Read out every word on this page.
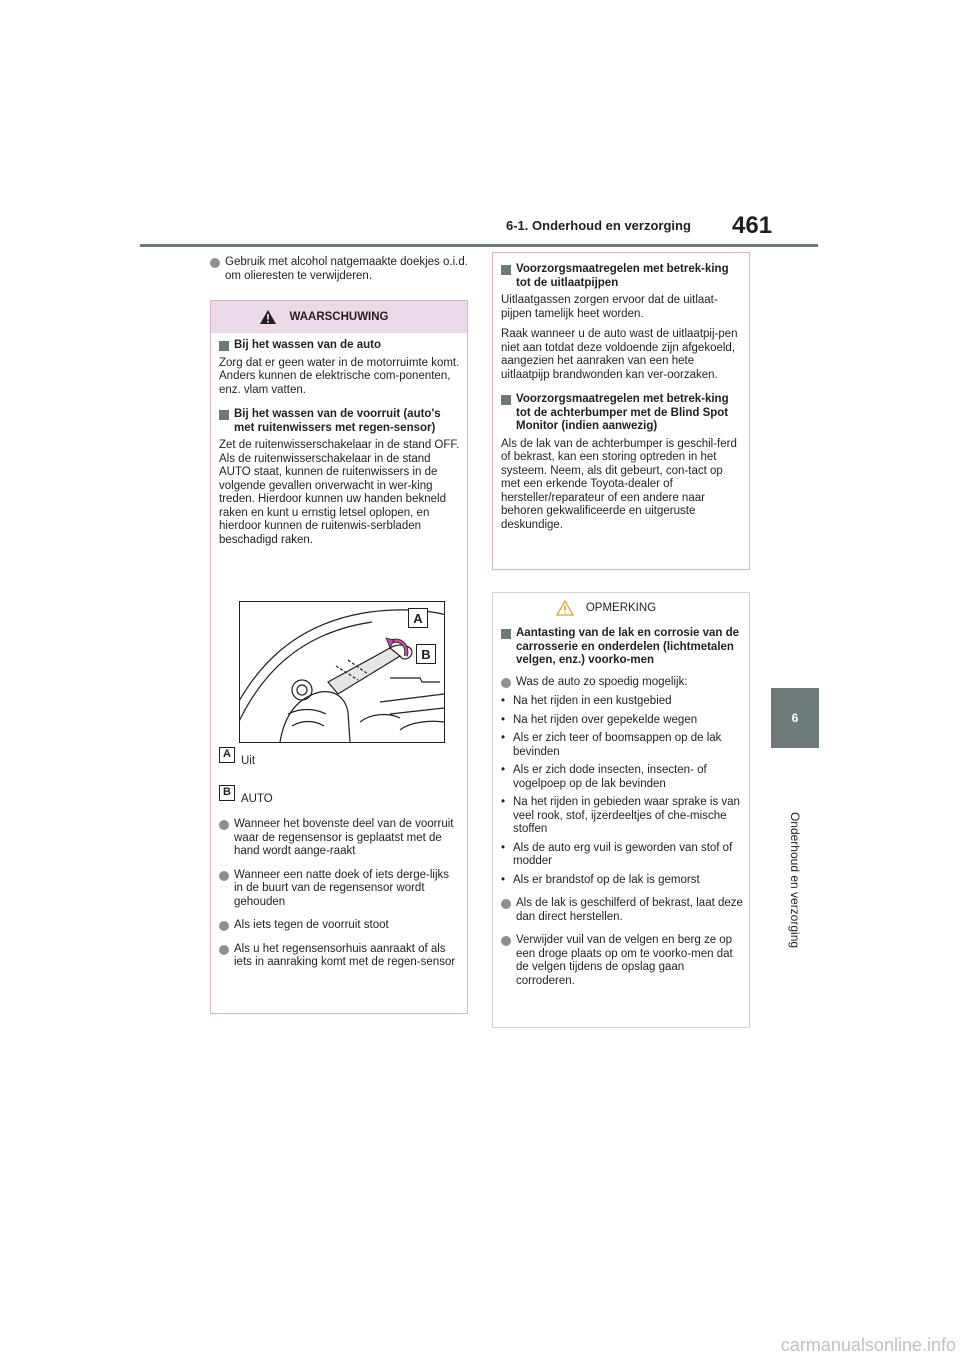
6-1. Onderhoud en verzorging 461
6
Onderhoud en verzorging
Gebruik met alcohol natgemaakte doekjes o.i.d. om olieresten te verwijderen.
WAARSCHUWING
Bij het wassen van de auto
Zorg dat er geen water in de motorruimte komt. Anders kunnen de elektrische com-ponenten, enz. vlam vatten.
Bij het wassen van de voorruit (auto's met ruitenwissers met regen-sensor)
Zet de ruitenwisserschakelaar in de stand OFF. Als de ruitenwisserschakelaar in de stand AUTO staat, kunnen de ruitenwissers in de volgende gevallen onverwacht in wer-king treden. Hierdoor kunnen uw handen bekneld raken en kunt u ernstig letsel oplopen, en hierdoor kunnen de ruitenwis-serbladen beschadigd raken.
A
B
A
Uit
B
AUTO
Wanneer het bovenste deel van de voorruit waar de regensensor is geplaatst met de hand wordt aange-raakt
Wanneer een natte doek of iets derge-lijks in de buurt van de regensensor wordt gehouden
Als iets tegen de voorruit stoot
Als u het regensensorhuis aanraakt of als iets in aanraking komt met de regen-sensor
Voorzorgsmaatregelen met betrek-king tot de uitlaatpijpen
Uitlaatgassen zorgen ervoor dat de uitlaat-pijpen tamelijk heet worden.
Raak wanneer u de auto wast de uitlaatpij-pen niet aan totdat deze voldoende zijn afgekoeld, aangezien het aanraken van een hete uitlaatpijp brandwonden kan ver-oorzaken.
Voorzorgsmaatregelen met betrek-king tot de achterbumper met de Blind Spot Monitor (indien aanwezig)
Als de lak van de achterbumper is geschil-ferd of bekrast, kan een storing optreden in het systeem. Neem, als dit gebeurt, con-tact op met een erkende Toyota-dealer of hersteller/reparateur of een andere naar behoren gekwalificeerde en uitgeruste deskundige.
OPMERKING
Aantasting van de lak en corrosie van de carrosserie en onderdelen (lichtmetalen velgen, enz.) voorko-men
Was de auto zo spoedig mogelijk:
• Na het rijden in een kustgebied
• Na het rijden over gepekelde wegen
• Als er zich teer of boomsappen op de lak bevinden
• Als er zich dode insecten, insecten- of vogelpoep op de lak bevinden
• Na het rijden in gebieden waar sprake is van veel rook, stof, ijzerdeeltjes of che-mische stoffen
• Als de auto erg vuil is geworden van stof of modder
• Als er brandstof op de lak is gemorst
Als de lak is geschilferd of bekrast, laat deze dan direct herstellen.
Verwijder vuil van de velgen en berg ze op een droge plaats op om te voorko-men dat de velgen tijdens de opslag gaan corroderen.
carmanualsonline.info
